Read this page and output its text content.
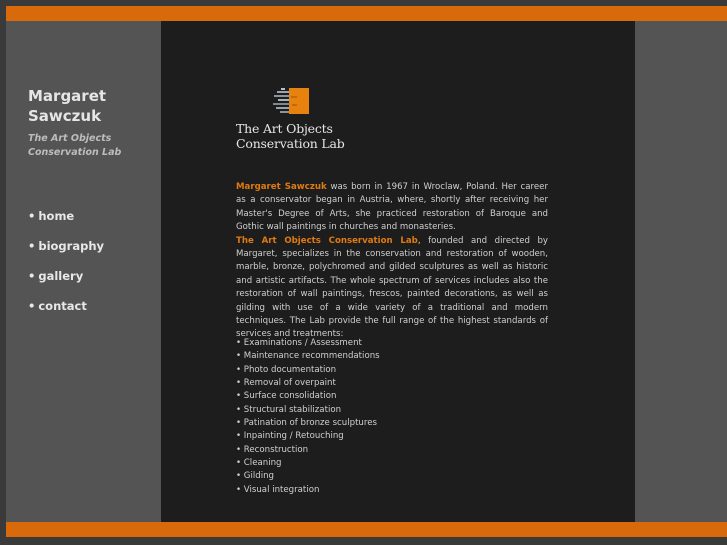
Margaret
Sawczuk
The Art Objects
Conservation Lab
• home
• biography
• gallery
• contact
The Art Objects
Conservation Lab

Margaret Sawczuk was born in 1967 in Wroclaw, Poland. Her career as a conservator began in Austria, where, shortly after receiving her Master's Degree of Arts, she practiced restoration of Baroque and Gothic wall paintings in churches and monasteries.

The Art Objects Conservation Lab, founded and directed by Margaret, specializes in the conservation and restoration of wooden, marble, bronze, polychromed and gilded sculptures as well as historic and artistic artifacts. The whole spectrum of services includes also the restoration of wall paintings, frescos, painted decorations, as well as gilding with use of a wide variety of a traditional and modern techniques. The Lab provide the full range of the highest standards of services and treatments:

• Examinations / Assessment
• Maintenance recommendations
• Photo documentation
• Removal of overpaint
• Surface consolidation
• Structural stabilization
• Patination of bronze sculptures
• Inpainting / Retouching
• Reconstruction
• Cleaning
• Gilding
• Visual integration
